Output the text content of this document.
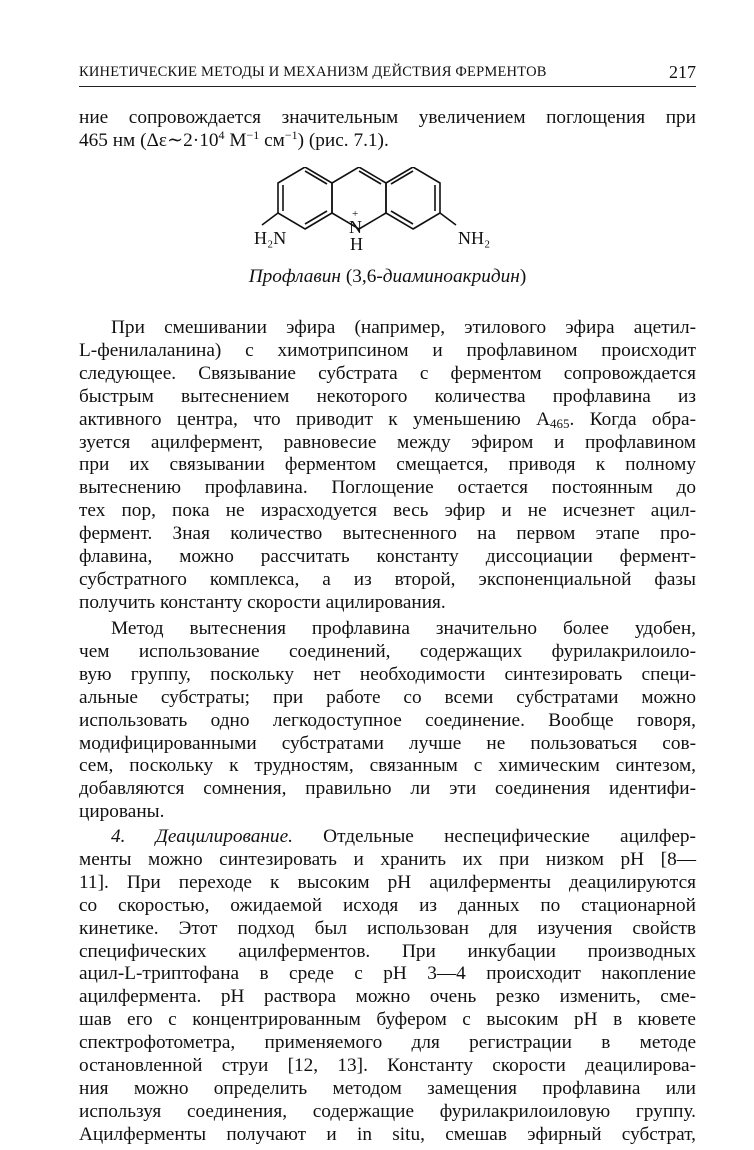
КИНЕТИЧЕСКИЕ МЕТОДЫ И МЕХАНИЗМ ДЕЙСТВИЯ ФЕРМЕНТОВ	217

ние сопровождается значительным увеличением поглощения при

465 нм ($\Delta\varepsilon\sim 2\cdot 10^4$ $М^{-1}$ $см^{-1}$) (рис. 7.1).

H₂N
+
N
H	NH₂
Профлавин (3,6-диаминоакридин)

При смешивании эфира (например, этилового эфира ацетил-

L-фенилаланина) с химотрипсином и профлавином происходит

следующее. Связывание субстрата с ферментом сопровождается

быстрым вытеснением некоторого количества профлавина из

активного центра, что приводит к уменьшению $A_{465}$. Когда обра-

зуется ацилфермент, равновесие между эфиром и профлавином

при их связывании ферментом смещается, приводя к полному

вытеснению профлавина. Поглощение остается постоянным до

тех пор, пока не израсходуется весь эфир и не исчезнет ацил-

фермент. Зная количество вытесненного на первом этапе про-

флавина, можно рассчитать константу диссоциации фермент-

субстратного комплекса, а из второй, экспоненциальной фазы

получить константу скорости ацилирования.

Метод вытеснения профлавина значительно более удобен,

чем использование соединений, содержащих фурилакрилоило-

вую группу, поскольку нет необходимости синтезировать специ-

альные субстраты; при работе со всеми субстратами можно

использовать одно легкодоступное соединение. Вообще говоря,

модифицированными субстратами лучше не пользоваться сов-

сем, поскольку к трудностям, связанным с химическим синтезом,

добавляются сомнения, правильно ли эти соединения идентифи-

цированы.

4. Деацилирование. Отдельные неспецифические ацилфер-

менты можно синтезировать и хранить их при низком pH [8—

11]. При переходе к высоким pH ацилферменты деацилируются

со скоростью, ожидаемой исходя из данных по стационарной

кинетике. Этот подход был использован для изучения свойств

специфических ацилферментов. При инкубации производных

ацил-L-триптофана в среде с pH 3—4 происходит накопление

ацилфермента. pH раствора можно очень резко изменить, сме-

шав его с концентрированным буфером с высоким pH в кювете

спектрофотометра, применяемого для регистрации в методе

остановленной струи [12, 13]. Константу скорости деацилирова-

ния можно определить методом замещения профлавина или

используя соединения, содержащие фурилакрилоиловую группу.

Ацилферменты получают и in situ, смешав эфирный субстрат,
